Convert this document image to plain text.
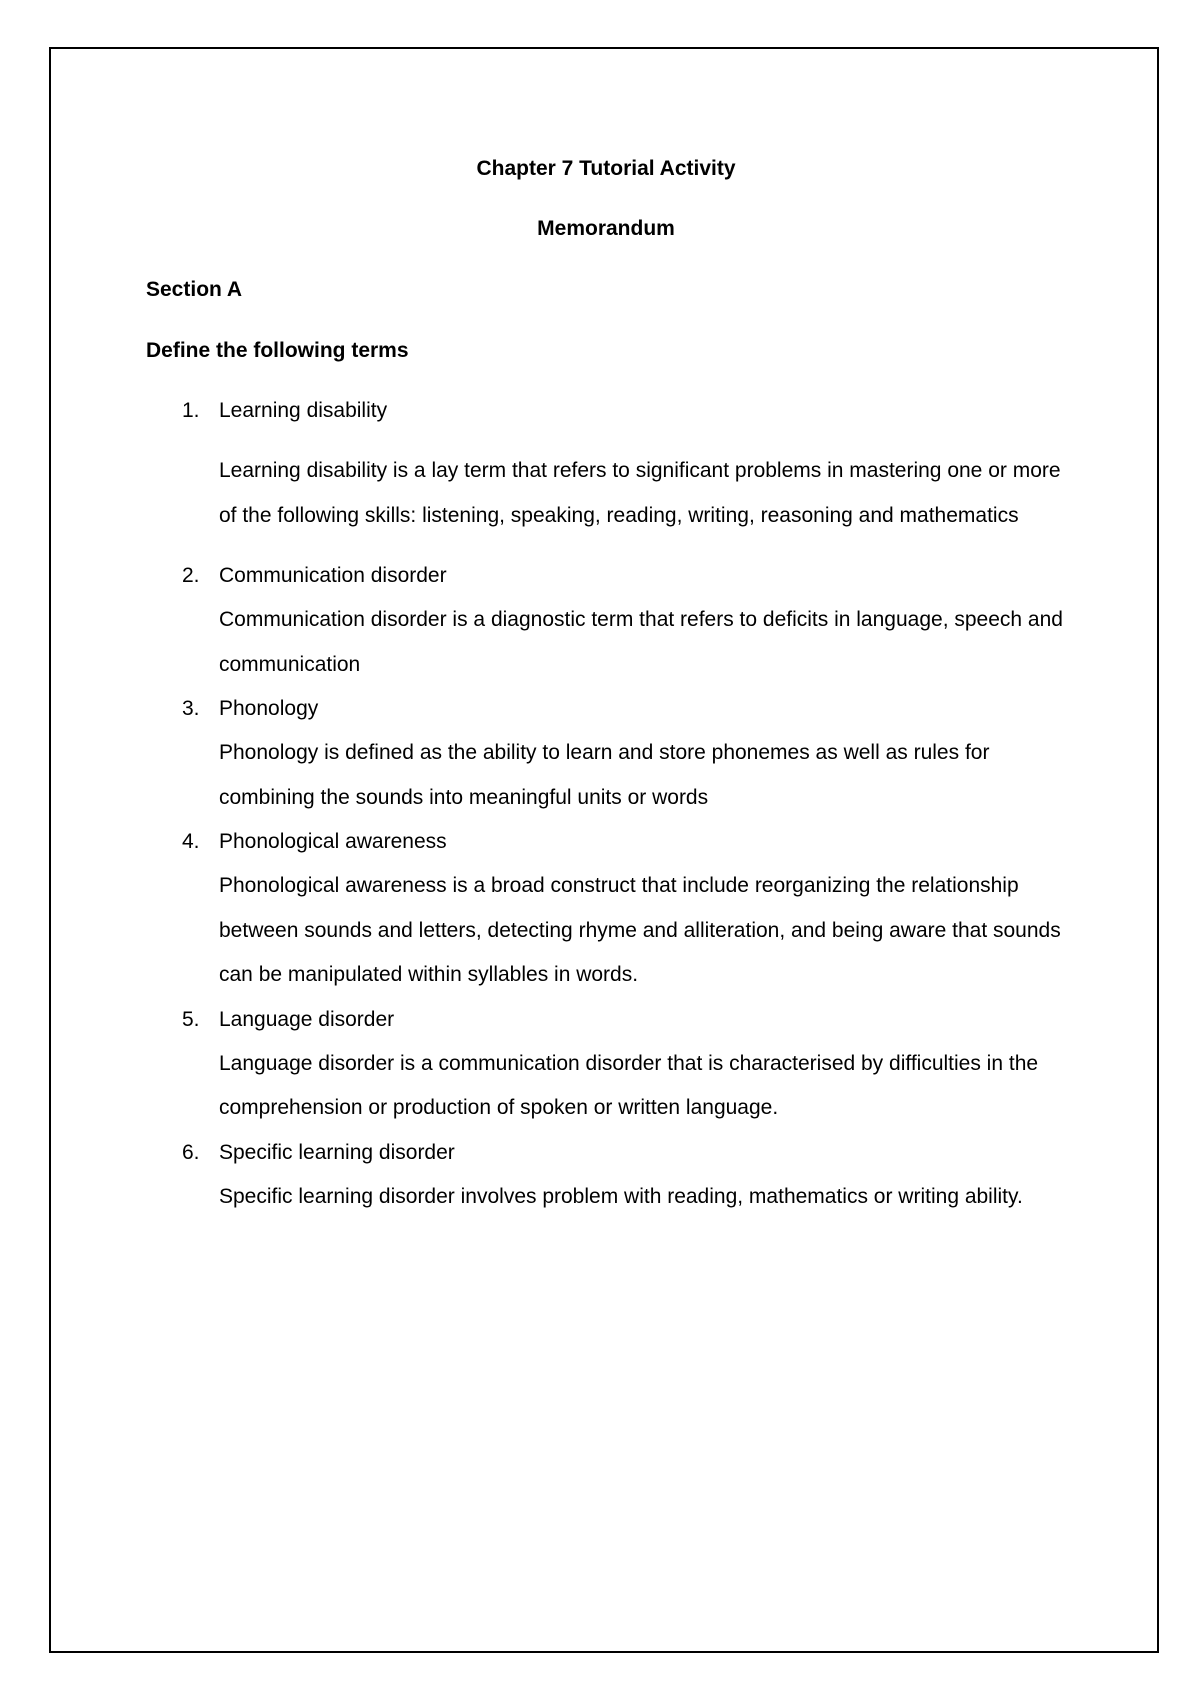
Chapter 7 Tutorial Activity

Memorandum

Section A

Define the following terms

1. Learning disability
Learning disability is a lay term that refers to significant problems in mastering one or more of the following skills: listening, speaking, reading, writing, reasoning and mathematics
2. Communication disorder
Communication disorder is a diagnostic term that refers to deficits in language, speech and communication
3. Phonology
Phonology is defined as the ability to learn and store phonemes as well as rules for combining the sounds into meaningful units or words
4. Phonological awareness
Phonological awareness is a broad construct that include reorganizing the relationship between sounds and letters, detecting rhyme and alliteration, and being aware that sounds can be manipulated within syllables in words.
5. Language disorder
Language disorder is a communication disorder that is characterised by difficulties in the comprehension or production of spoken or written language.
6. Specific learning disorder
Specific learning disorder involves problem with reading, mathematics or writing ability.
